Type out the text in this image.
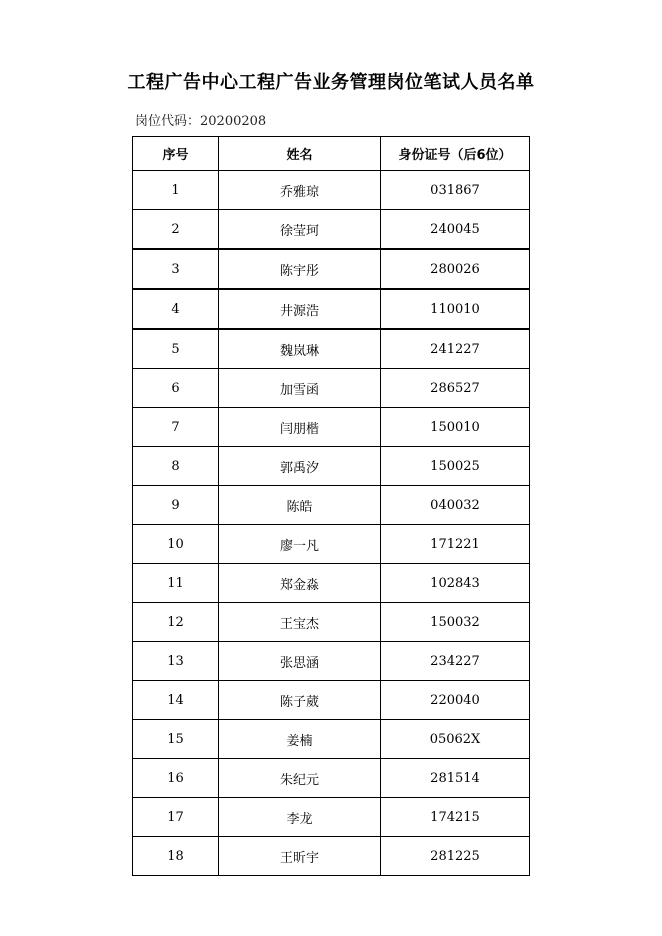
工程广告中心工程广告业务管理岗位笔试人员名单
岗位代码：20200208
序号	姓名	身份证号（后6位）
1	乔雅琼	031867
2	徐莹珂	240045
3	陈宇彤	280026
4	井源浩	110010
5	魏岚琳	241227
6	加雪函	286527
7	闫朋楷	150010
8	郭禹汐	150025
9	陈皓	040032
10	廖一凡	171221
11	郑金淼	102843
12	王宝杰	150032
13	张思涵	234227
14	陈子葳	220040
15	姜楠	05062X
16	朱纪元	281514
17	李龙	174215
18	王昕宇	281225
